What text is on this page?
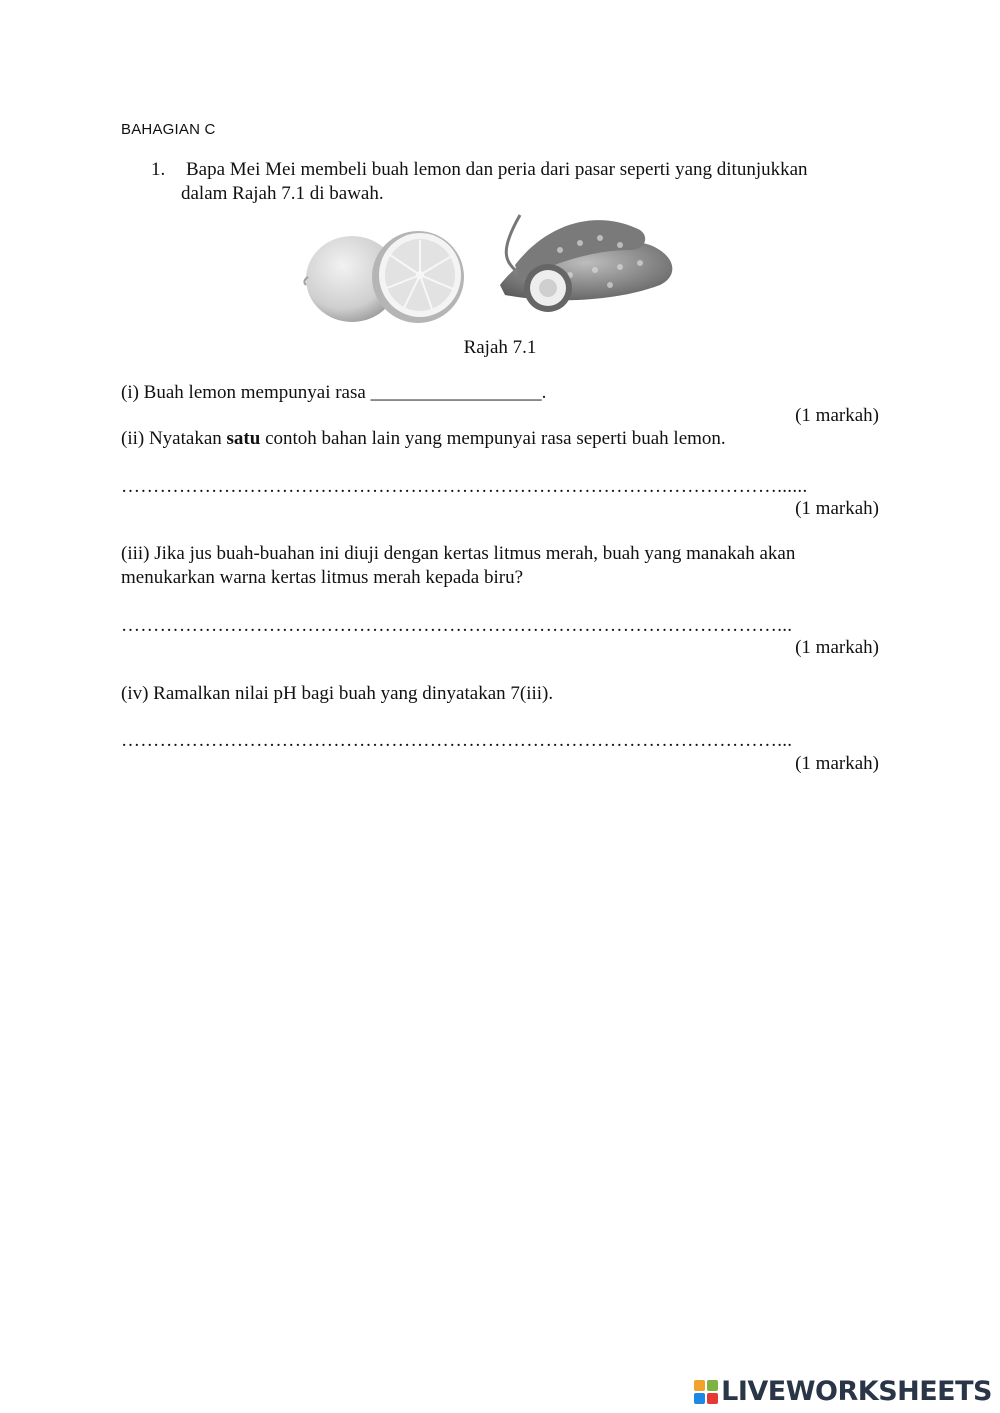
BAHAGIAN C
1. Bapa Mei Mei membeli buah lemon dan peria dari pasar seperti yang ditunjukkan
dalam Rajah 7.1 di bawah.
Rajah 7.1
(i) Buah lemon mempunyai rasa __________________.
(1 markah)
(ii) Nyatakan satu contoh bahan lain yang mempunyai rasa seperti buah lemon.
…………………………………………………………………………………………......
(1 markah)
(iii) Jika jus buah-buahan ini diuji dengan kertas litmus merah, buah yang manakah akan
menukarkan warna kertas litmus merah kepada biru?
…………………………………………………………………………………………...
(1 markah)
(iv) Ramalkan nilai pH bagi buah yang dinyatakan 7(iii).
…………………………………………………………………………………………...
(1 markah)
LIVEWORKSHEETS
